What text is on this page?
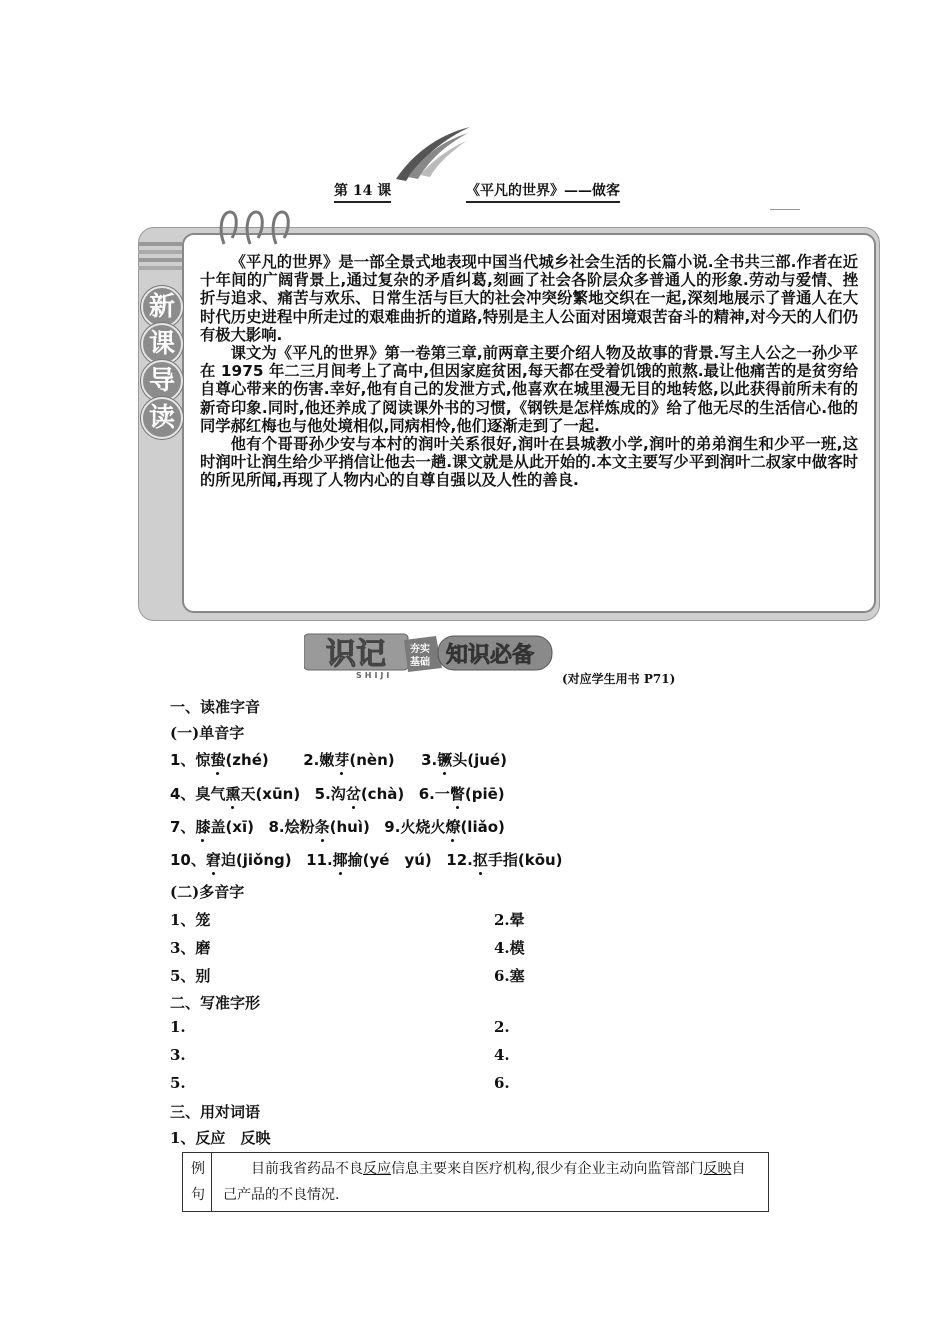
第 14 课	《平凡的世界》——做客
新
课
导
读

《平凡的世界》是一部全景式地表现中国当代城乡社会生活的长篇小说.全书共三部.作者在近十年间的广阔背景上,通过复杂的矛盾纠葛,刻画了社会各阶层众多普通人的形象.劳动与爱情、挫折与追求、痛苦与欢乐、日常生活与巨大的社会冲突纷繁地交织在一起,深刻地展示了普通人在大时代历史进程中所走过的艰难曲折的道路,特别是主人公面对困境艰苦奋斗的精神,对今天的人们仍有极大影响.

课文为《平凡的世界》第一卷第三章,前两章主要介绍人物及故事的背景.写主人公之一孙少平在 1975 年二三月间考上了高中,但因家庭贫困,每天都在受着饥饿的煎熬.最让他痛苦的是贫穷给自尊心带来的伤害.幸好,他有自己的发泄方式,他喜欢在城里漫无目的地转悠,以此获得前所未有的新奇印象.同时,他还养成了阅读课外书的习惯,《钢铁是怎样炼成的》给了他无尽的生活信心.他的同学郝红梅也与他处境相似,同病相怜,他们逐渐走到了一起.

他有个哥哥孙少安与本村的润叶关系很好,润叶在县城教小学,润叶的弟弟润生和少平一班,这时润叶让润生给少平捎信让他去一趟.课文就是从此开始的.本文主要写少平到润叶二叔家中做客时的所见所闻,再现了人物内心的自尊自强以及人性的善良.

识记 夯实
基础 知识必备
SHIJI	(对应学生用书 P71)
一、读准字音
(一)单音字
1、惊蛰(zhé) 2.嫩芽(nèn) 3.镢头(jué)
4、臭气熏天(xūn) 5.沟岔(chà) 6.一瞥(piē)
7、膝盖(xī) 8.烩粉条(huì) 9.火烧火燎(liǎo)
10、窘迫(jiǒng) 11.揶揄(yé　yú) 12.抠手指(kōu)
(二)多音字
1、笼	2.晕
3、磨	4.模
5、别	6.塞
二、写准字形
1.	2.
3.	4.
5.	6.
三、用对词语
1、反应　反映
例句
目前我省药品不良反应信息主要来自医疗机构,很少有企业主动向监管部门反映自己产品的不良情况.
